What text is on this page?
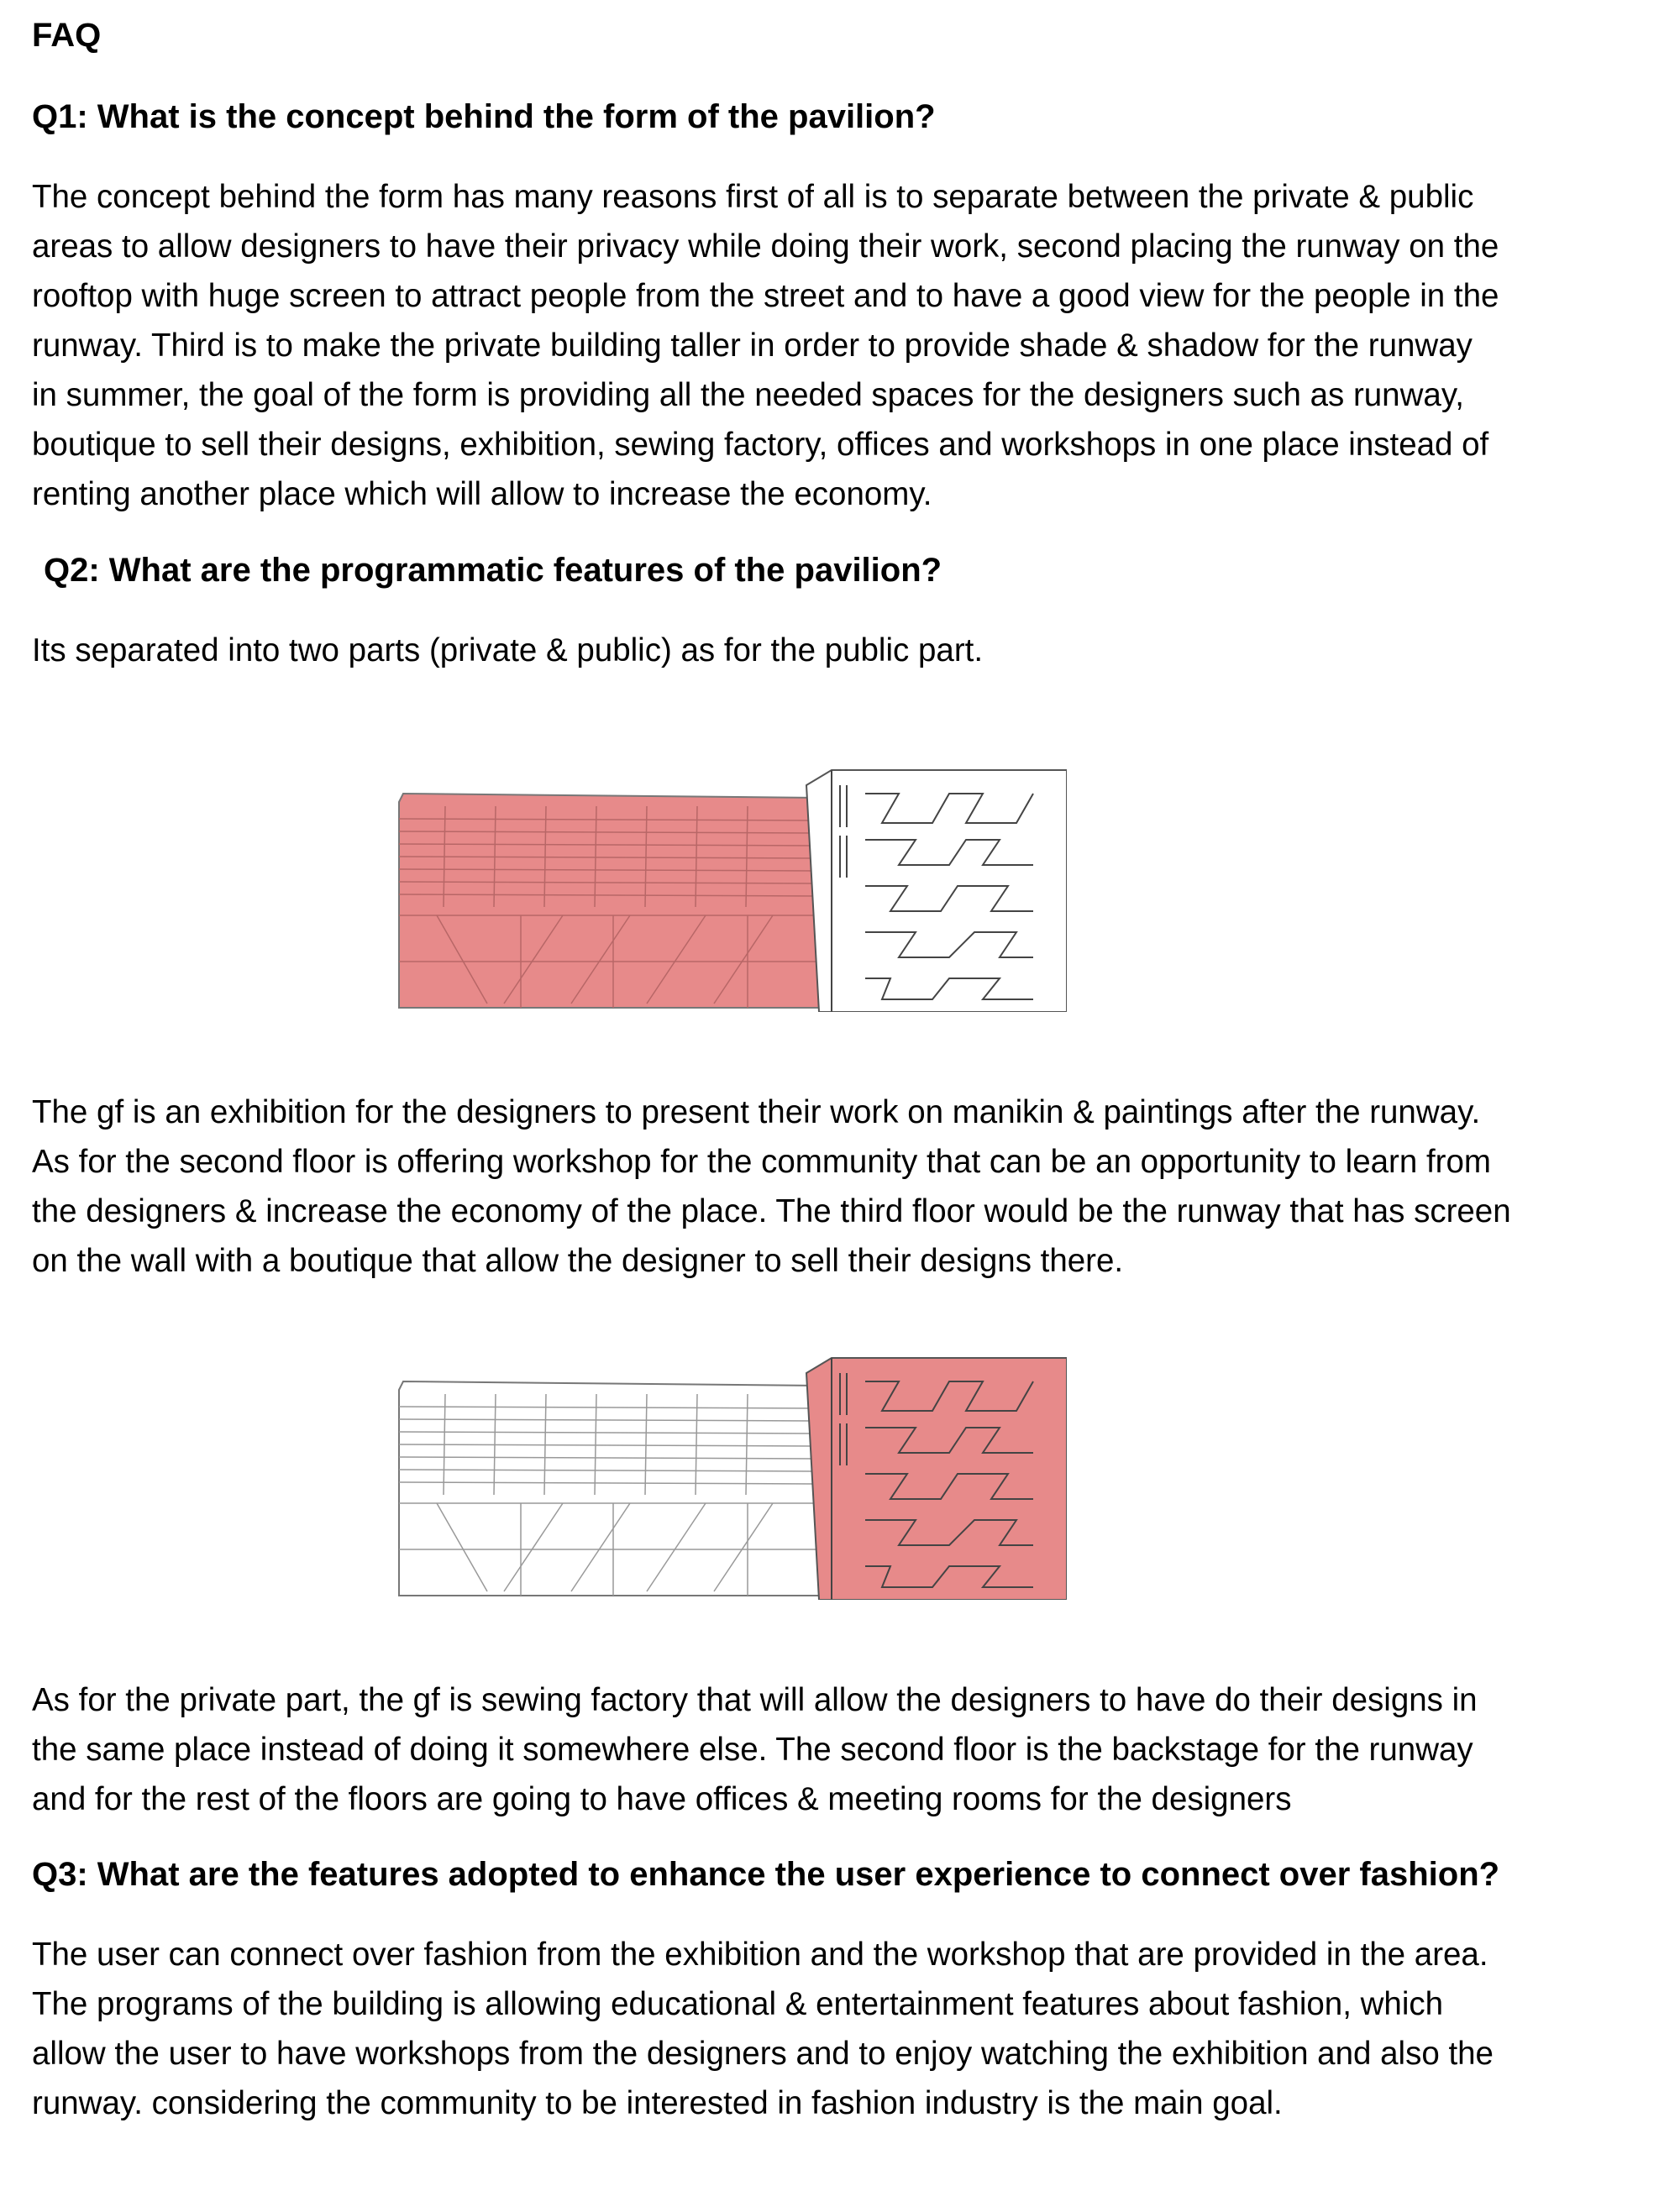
FAQ
Q1: What is the concept behind the form of the pavilion?
The concept behind the form has many reasons first of all is to separate between the private & public
areas to allow designers to have their privacy while doing their work, second placing the runway on the
rooftop with huge screen to attract people from the street and to have a good view for the people in the
runway. Third is to make the private building taller in order to provide shade & shadow for the runway
in summer, the goal of the form is providing all the needed spaces for the designers such as runway,
boutique to sell their designs, exhibition, sewing factory, offices and workshops in one place instead of
renting another place which will allow to increase the economy.
Q2: What are the programmatic features of the pavilion?

Its separated into two parts (private & public) as for the public part.

The gf is an exhibition for the designers to present their work on manikin & paintings after the runway.
As for the second floor is offering workshop for the community that can be an opportunity to learn from
the designers & increase the economy of the place. The third floor would be the runway that has screen
on the wall with a boutique that allow the designer to sell their designs there.
As for the private part, the gf is sewing factory that will allow the designers to have do their designs in
the same place instead of doing it somewhere else. The second floor is the backstage for the runway
and for the rest of the floors are going to have offices & meeting rooms for the designers
Q3: What are the features adopted to enhance the user experience to connect over fashion?
The user can connect over fashion from the exhibition and the workshop that are provided in the area.
The programs of the building is allowing educational & entertainment features about fashion, which
allow the user to have workshops from the designers and to enjoy watching the exhibition and also the
runway. considering the community to be interested in fashion industry is the main goal.
